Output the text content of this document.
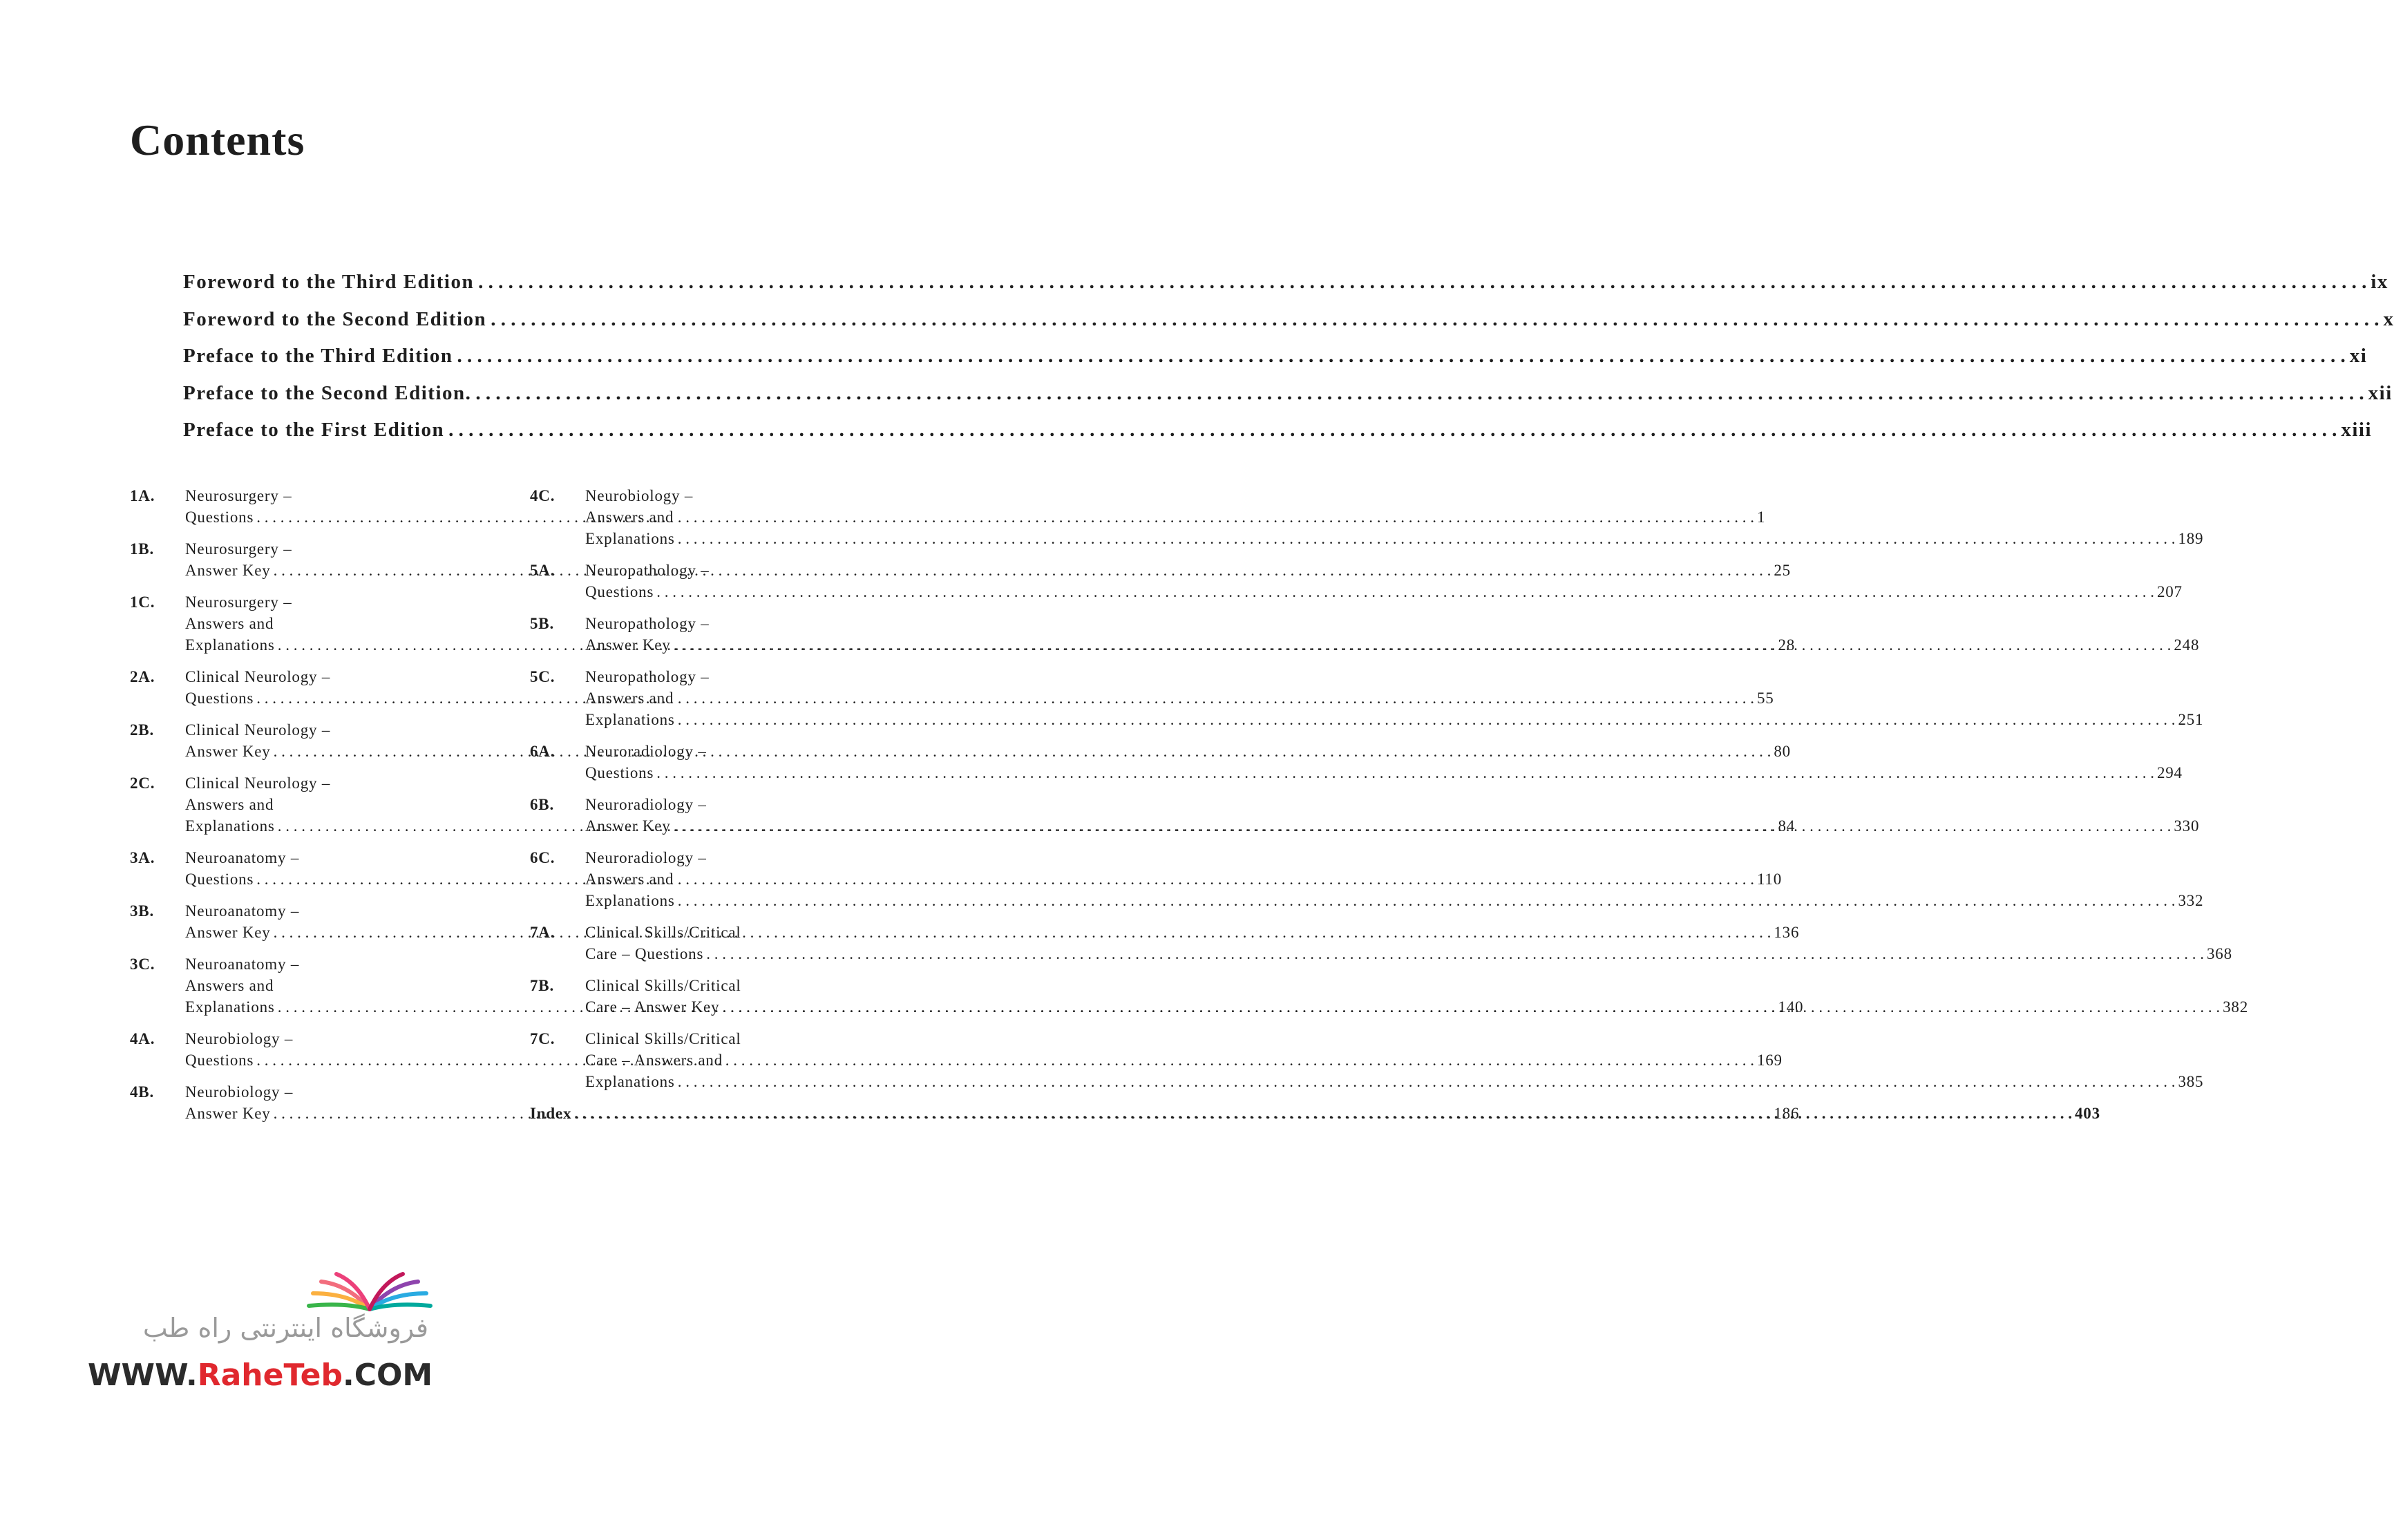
Contents
Foreword to the Third Edition . . .	ix
Foreword to the Second Edition . . .	x
Preface to the Third Edition . . .	xi
Preface to the Second Edition. . . .	xii
Preface to the First Edition . . .	xiii
1A.	Neurosurgery –
Questions . . .	1
1B.	Neurosurgery –
Answer Key . . .	25
1C.	Neurosurgery –
Answers and
Explanations . . .	28
2A.	Clinical Neurology –
Questions . . .	55
2B.	Clinical Neurology –
Answer Key . . .	80
2C.	Clinical Neurology –
Answers and
Explanations . . .	84
3A.	Neuroanatomy –
Questions . . .	110
3B.	Neuroanatomy –
Answer Key . . .	136
3C.	Neuroanatomy –
Answers and
Explanations . . .	140
4A.	Neurobiology –
Questions . . .	169
4B.	Neurobiology –
Answer Key . . .	186
4C.	Neurobiology –
Answers and
Explanations . . .	189
5A.	Neuropathology –
Questions . . .	207
5B.	Neuropathology –
Answer Key . . .	248
5C.	Neuropathology –
Answers and
Explanations . . .	251
6A.	Neuroradiology –
Questions . . .	294
6B.	Neuroradiology –
Answer Key . . .	330
6C.	Neuroradiology –
Answers and
Explanations . . .	332
7A.	Clinical Skills/Critical
Care – Questions . . .	368
7B.	Clinical Skills/Critical
Care – Answer Key . . .	382
7C.	Clinical Skills/Critical
Care – Answers and
Explanations . . .	385
Index . . .	403
فروشگاه اینترنتی راه طب
WWW.RaheTeb.COM
